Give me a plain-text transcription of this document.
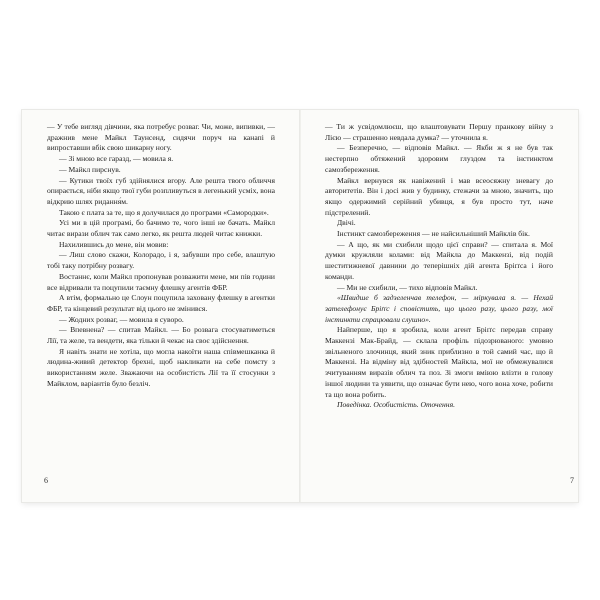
— У тебе вигляд дівчини, яка потребує розваг. Чи, може, випивки, — дражнив мене Майкл Таунсенд, сидячи поруч на канапі й випроставши вбік свою шикарну ногу.

— Зі мною все гаразд, — мовила я.

— Майкл пирснув.

— Кутики твоїх губ здійнялися вгору. Але решта твого обличчя опирається, ніби якщо твої губи розпливуться в легенький усміх, вона відкрию шлях ридання́м.

Такою є плата за те, що я долучилася до програми «Самородки».

Усі ми в цій програмі, бо бачимо те, чого інші не бачать. Майкл читає вирази облич так само легко, як решта людей читає книжки.

Нахилившись до мене, він мовив:

— Лиш слово скажи, Колорадо, і я, забувши про себе, влаштую тобі таку потрібну розвагу.

Востаннє, коли Майкл пропонував розважити мене, ми пів години все відривали та поцупили таємну флешку агентів ФБР.

А втім, формально це Слоун поцупила заховану флешку в агентки ФБР, та кінцевий результат від цього не змінився.

— Жодних розваг, — мовила я суворо.

— Впевнена? — спитав Майкл. — Бо розвага стосуватиметься Лії, та желе, та вендети, яка тільки й чекає на своє здійснення.

Я навіть знати не хотіла, що могла накоїти наша співмешканка й людина-живий детектор брехні, щоб накликати на себе помсту з використанням желе. Зважаючи на особистість Лії та її стосунки з Майклом, варіантів було безліч.

— Ти ж усвідомлюєш, що влаштовувати Першу пранкову війну з Лією — страшенно невдала думка? — уточнила я.

— Безперечно, — відповів Майкл. — Якби ж я не був так нестерпно обтяжений здоровим глуздом та інстинктом самозбереження.

Майкл вернувся як навіжений і мав всеосяжну зневагу до авторитетів. Він і досі жив у будинку, стежачи за мною, значить, що якщо одержимий серійний убивця, я був просто тут, наче підстрелений.

Двічі.

Інстинкт самозбереження — не найсильніший Майклів бік.

— А що, як ми схибили щодо цієї справи? — спитала я. Мої думки кружляли колами: від Майкла до Маккензі, від подій шеститижневої давнини до теперішніх дій агента Бріґґса і його команди.

— Ми не схибили, — тихо відповів Майкл.

«Швидше б задзеленчав телефон, — міркувала я. — Нехай зателефонує Бріґґс і сповістить, що цього разу, цього разу, мої інстинкти спрацювали слушно».

Найперше, що я зробила, коли агент Бріґґс передав справу Маккензі Мак-Брайд, — склала профіль підозрюваного: умовно звільненого злочинця, який зник приблизно в той самий час, що й Маккензі. На відміну від здібностей Майкла, мої не обмежувалися зчитуванням виразів облич та поз. Зі змоги вміюю влізти в голову іншої людини та уявити, що означає бути нею, чого вона хоче, робити та що вона робить.

Поведінка. Особистість. Оточення.

6	7
